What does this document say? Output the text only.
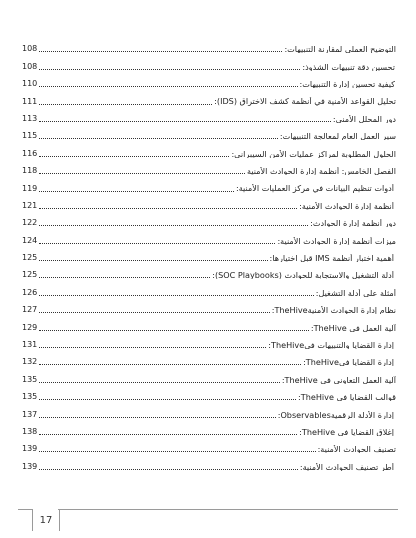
التوضيح العملي لمقارنة التنبيهات:
108
تحسين دقة تنبيهات الشذوذ:
108
كيفية تحسين إدارة التنبيهات:
110
تحليل القواعد الأمنية في أنظمة كشف الاختراق (IDS):
111
دور المحلل الأمني:
113
سير العمل العام لمعالجة التنبيهات:
115
الحلول المطلوبة لمراكز عمليات الأمن السيبراني:
116
الفصل الخامس: أنظمة إدارة الحوادث الأمنية
118
أدوات تنظيم البيانات في مركز العمليات الأمنية:
119
أنظمة إدارة الحوادث الأمنية:
121
دور أنظمة إدارة الحوادث:
122
ميزات أنظمة إدارة الحوادث الأمنية:
124
أهمية اختبار أنظمة IMS قبل اختيارها:
125
أدلة التشغيل والاستجابة للحوادث (SOC Playbooks):
125
أمثلة على أدلة التشغيل:
126
نظام إدارة الحوادث الأمنيةTheHive:
127
آلية العمل في TheHive:
129
إدارة القضايا والتنبيهات فيTheHive:
131
إدارة القضايا فيTheHive:
132
آلية العمل التعاوني في TheHive:
135
قوالب القضايا في TheHive:
135
إدارة الأدلة الرقميةObservables:
137
إغلاق القضايا في TheHive:
138
تصنيف الحوادث الأمنية:
139
أطر تصنيف الحوادث الأمنية:
139
17
